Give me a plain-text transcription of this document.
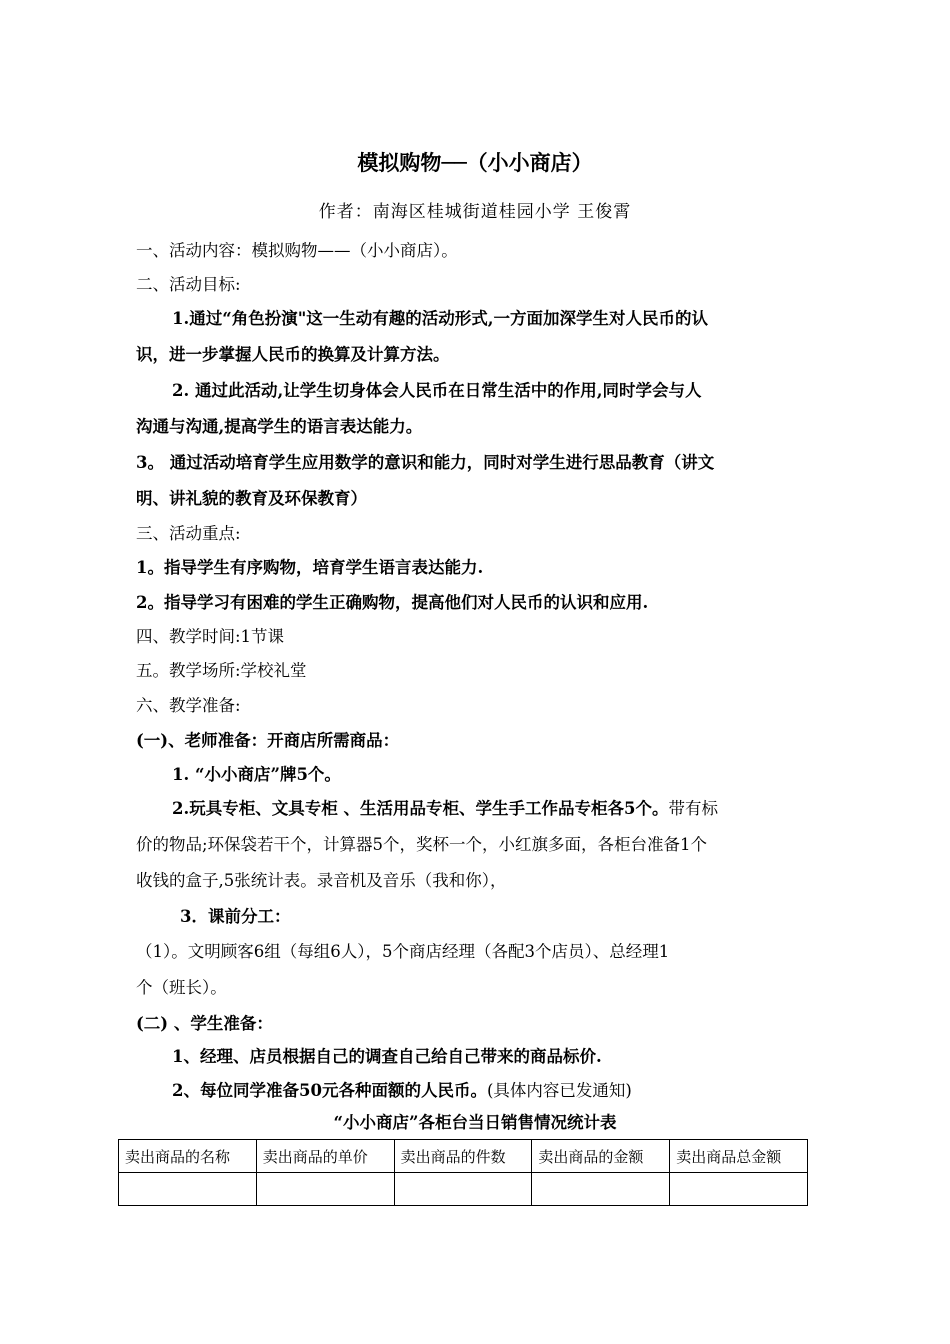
模拟购物──（小小商店）
作者：南海区桂城街道桂园小学 王俊霄
一、活动内容：模拟购物——（小小商店）。
二、活动目标:
1.通过“角色扮演"这一生动有趣的活动形式,一方面加深学生对人民币的认
识，进一步掌握人民币的换算及计算方法。
2. 通过此活动,让学生切身体会人民币在日常生活中的作用,同时学会与人
沟通与沟通,提高学生的语言表达能力。
3。 通过活动培育学生应用数学的意识和能力，同时对学生进行思品教育（讲文
明、讲礼貌的教育及环保教育）
三、活动重点:
1。指导学生有序购物，培育学生语言表达能力.
2。指导学习有困难的学生正确购物，提高他们对人民币的认识和应用.
四、教学时间:1节课
五。教学场所:学校礼堂
六、教学准备:
(一)、老师准备：开商店所需商品：
1. “小小商店”牌5个。
2.玩具专柜、文具专柜 、生活用品专柜、学生手工作品专柜各5个。带有标
价的物品;环保袋若干个，计算器5个，奖杯一个，小红旗多面，各柜台准备1个
收钱的盒子,5张统计表。录音机及音乐（我和你），
3．课前分工：
（1）。文明顾客6组（每组6人），5个商店经理（各配3个店员）、总经理1
个（班长）。
(二) 、学生准备：
1、经理、店员根据自己的调查自己给自己带来的商品标价.
2、每位同学准备50元各种面额的人民币。(具体内容已发通知)
“小小商店”各柜台当日销售情况统计表
卖出商品的名称	卖出商品的单价	卖出商品的件数	卖出商品的金额	卖出商品总金额
